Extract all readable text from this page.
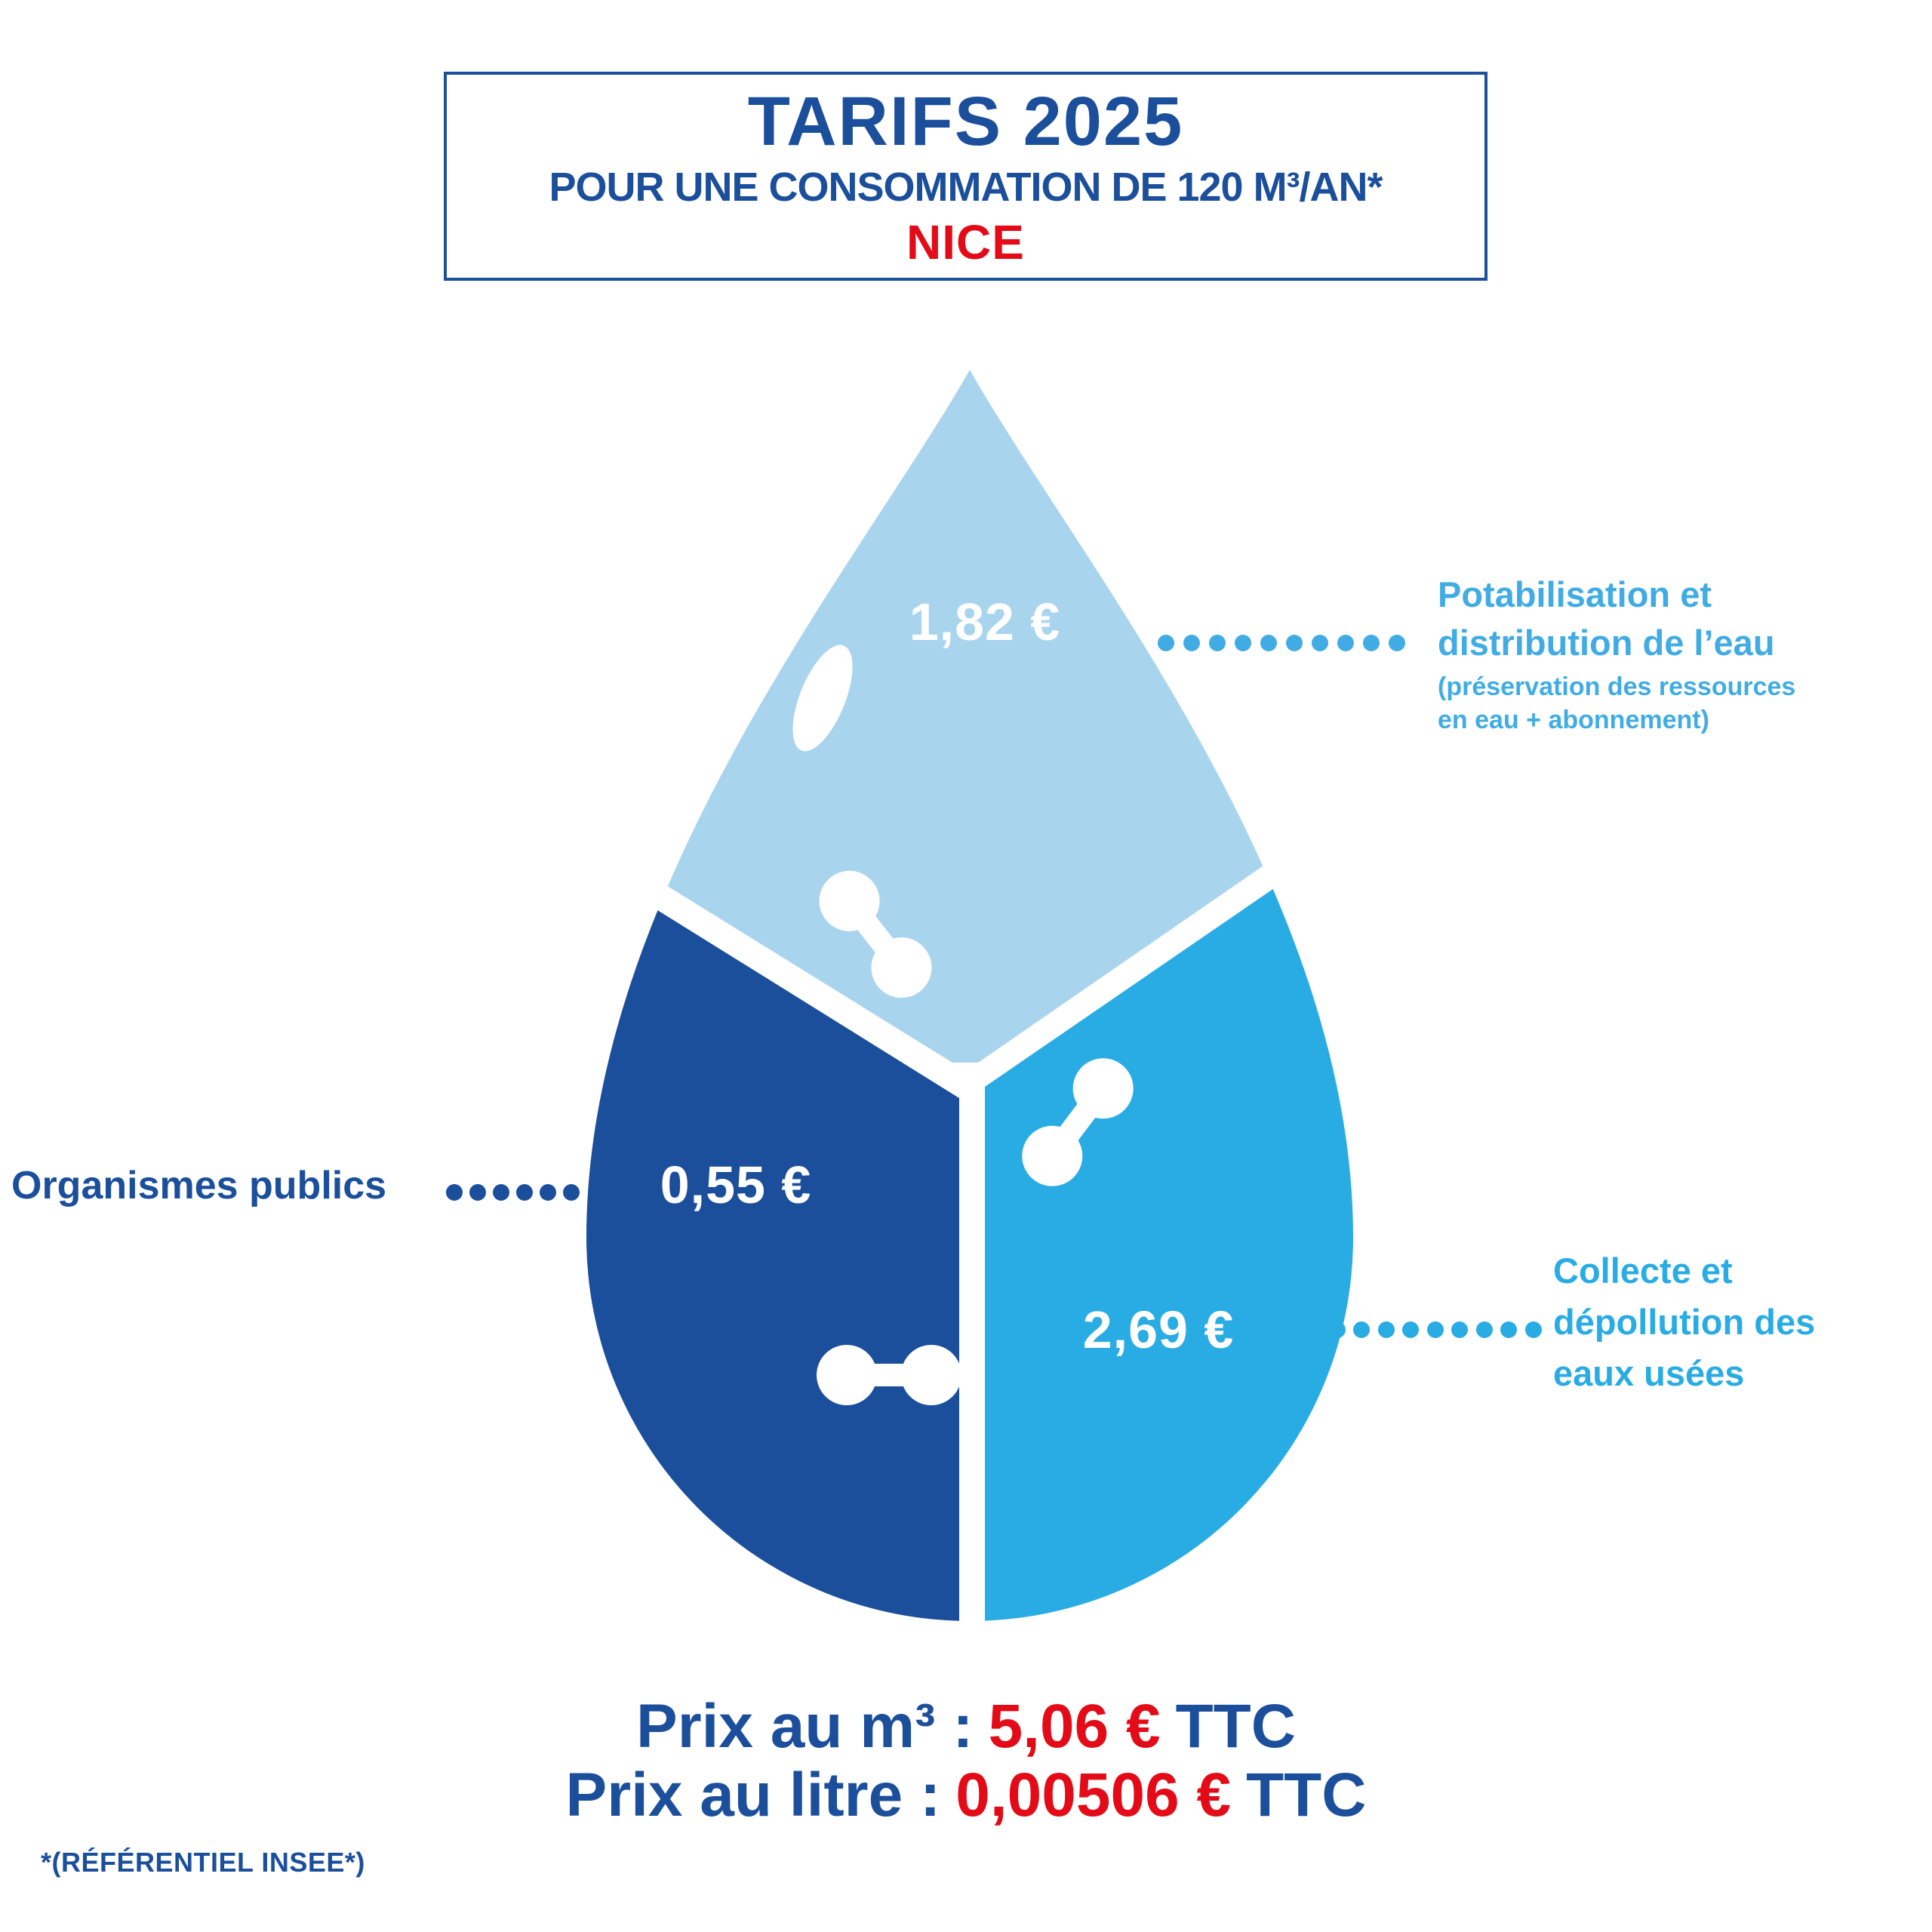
TARIFS 2025
POUR UNE CONSOMMATION DE 120 M³/AN*
NICE
1,82 €
0,55 €
2,69 €
Potabilisation et
distribution de l’eau
(préservation des ressources
en eau + abonnement)
Organismes publics
Collecte et
dépollution des
eaux usées
Prix au m³ : 5,06 € TTC
Prix au litre : 0,00506 € TTC
*(RÉFÉRENTIEL INSEE*)
